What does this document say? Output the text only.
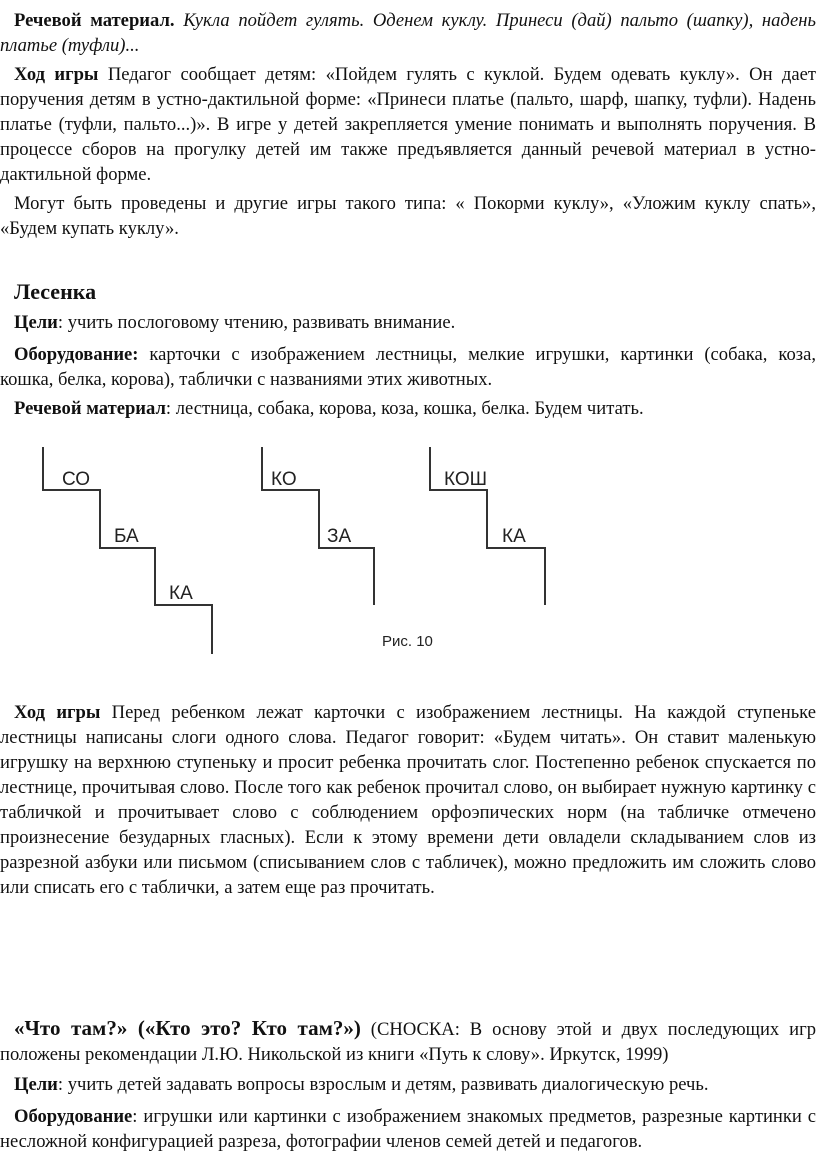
Речевой материал. Кукла пойдет гулять. Оденем куклу. Принеси (дай) пальто (шапку), надень платье (туфли)...

Ход игры Педагог сообщает детям: «Пойдем гулять с куклой. Будем одевать куклу». Он дает поручения детям в устно-дактильной форме: «Принеси платье (пальто, шарф, шапку, туфли). Надень платье (туфли, пальто...)». В игре у детей закрепляется умение понимать и выполнять поручения. В процессе сборов на прогулку детей им также предъявляется данный речевой материал в устно-дактильной форме.

Могут быть проведены и другие игры такого типа: « Покорми куклу», «Уложим куклу спать», «Будем купать куклу».

Лесенка

Цели: учить послоговому чтению, развивать внимание.

Оборудование: карточки с изображением лестницы, мелкие игрушки, картинки (собака, коза, кошка, белка, корова), таблички с названиями этих животных.

Речевой материал: лестница, собака, корова, коза, кошка, белка. Будем читать.

СО
БА
КА
КО
ЗА
КОШ
КА
Рис. 10

Ход игры Перед ребенком лежат карточки с изображением лестницы. На каждой ступеньке лестницы написаны слоги одного слова. Педагог говорит: «Будем читать». Он ставит маленькую игрушку на верхнюю ступеньку и просит ребенка прочитать слог. Постепенно ребенок спускается по лестнице, прочитывая слово. После того как ребенок прочитал слово, он выбирает нужную картинку с табличкой и прочитывает слово с соблюдением орфоэпических норм (на табличке отмечено произнесение безударных гласных). Если к этому времени дети овладели складыванием слов из разрезной азбуки или письмом (списыванием слов с табличек), можно предложить им сложить слово или списать его с таблички, а затем еще раз прочитать.

«Что там?» («Кто это? Кто там?») (СНОСКА: В основу этой и двух последующих игр положены рекомендации Л.Ю. Никольской из книги «Путь к слову». Иркутск, 1999)

Цели: учить детей задавать вопросы взрослым и детям, развивать диалогическую речь.

Оборудование: игрушки или картинки с изображением знакомых предметов, разрезные картинки с несложной конфигурацией разреза, фотографии членов семей детей и педагогов.
